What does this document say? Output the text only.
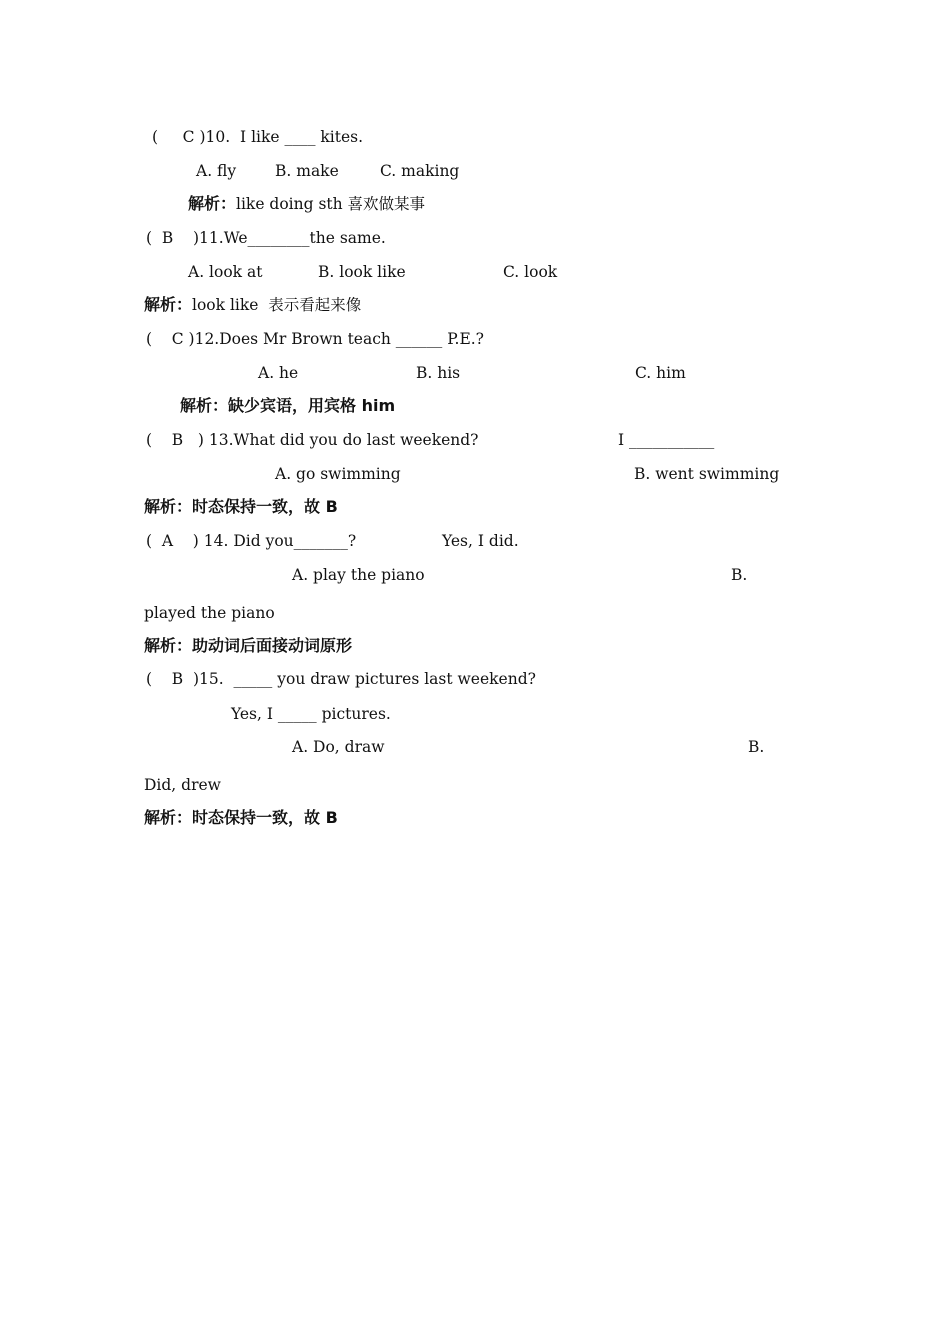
(     C )10.  I like ____ kites.
A. fly	B. make	C. making
解析：like doing sth 喜欢做某事
(  B    )11.We________the same.
A. look at	B. look like	C. look
解析：look like  表示看起来像
(    C )12.Does Mr Brown teach ______ P.E.?
A. he	B. his	C. him
解析：缺少宾语，用宾格 him
(    B   ) 13.What did you do last weekend?	I ___________
A. go swimming	B. went swimming
解析：时态保持一致，故 B
(  A    ) 14. Did you_______?	Yes, I did.
A. play the piano	B.
played the piano
解析：助动词后面接动词原形
(    B  )15.  _____ you draw pictures last weekend?
Yes, I _____ pictures.
A. Do, draw	B.
Did, drew
解析：时态保持一致，故 B
